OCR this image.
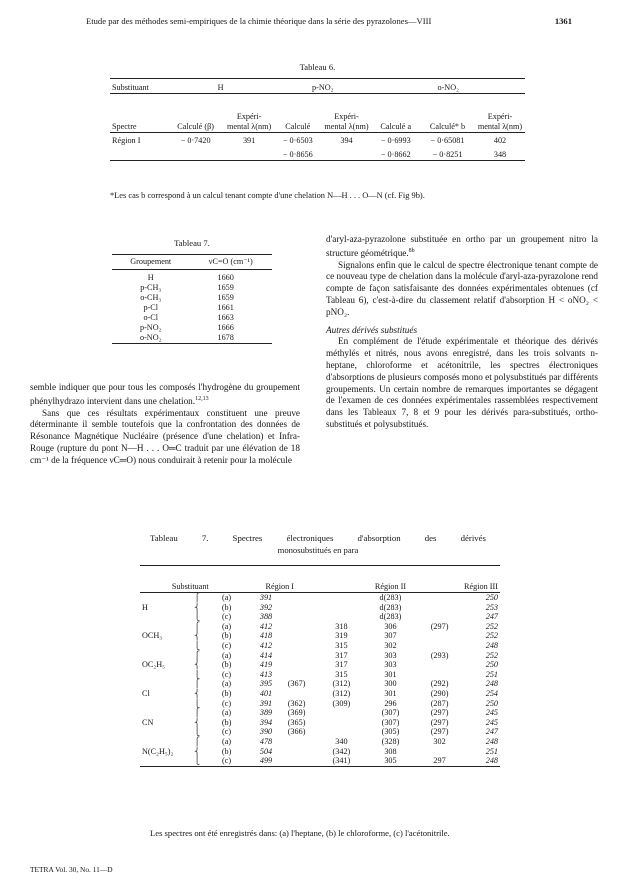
Etude par des méthodes semi-empiriques de la chimie théorique dans la série des pyrazolones—VIII	1361
Tableau 6.
Substituant	H		p-NO₂		o-NO₂		
Spectre	Calculé (β)	Expéri- mental λ(nm)	Calculé	Expéri- mental λ(nm)	Calculé a	Calculé* b	Expéri- mental λ(nm)
Région I	− 0·7420	391	− 0·6503	394	− 0·6993	− 0·65081	402
			− 0·8656		− 0·8662	− 0·8251	348
*Les cas b correspond à un calcul tenant compte d'une chelation N—H . . . O—N (cf. Fig 9b).
Tableau 7.
Groupement	νC=O (cm⁻¹)
H	1660
p-CH₃	1659
o-CH₃	1659
p-Cl	1661
o-Cl	1663
p-NO₂	1666
o-NO₂	1678

semble indiquer que pour tous les composés l'hydrogène du groupement phénylhydrazo intervient dans une chelation.$^{12,13}$

Sans que ces résultats expérimentaux constituent une preuve déterminante il semble toutefois que la confrontation des données de Résonance Magnétique Nucléaire (présence d'une chelation) et Infra-Rouge (rupture du pont N—H . . . O═C traduit par une élévation de 18 cm⁻¹ de la fréquence νC═O) nous conduirait à retenir pour la molécule

d'aryl-aza-pyrazolone substituée en ortho par un groupement nitro la structure géométrique.$^{8b}$

Signalons enfin que le calcul de spectre électronique tenant compte de ce nouveau type de chelation dans la molécule d'aryl-aza-pyrazolone rend compte de façon satisfaisante des données expérimentales obtenues (cf Tableau 6), c'est-à-dire du classement relatif d'absorption H < oNO₂ < pNO₂.

Autres dérivés substitués

En complément de l'étude expérimentale et théorique des dérivés méthylés et nitrés, nous avons enregistré, dans les trois solvants n-heptane, chloroforme et acétonitrile, les spectres électroniques d'absorptions de plusieurs composés mono et polysubstitués par différents groupements. Un certain nombre de remarques importantes se dégagent de l'examen de ces données expérimentales rassemblées respectivement dans les Tableaux 7, 8 et 9 pour les dérivés para-substitués, ortho-substitués et polysubstitués.

Tableau 7. Spectres électroniques d'absorption des dérivés
monosubstitués en para
Substituant			Région I		Région II			Région III
	⎧	(a)	391			d(283)		250
H	⎨	(b)	392			d(283)		253
	⎩	(c)	388			d(283)		247
	⎧	(a)	412		318	306	(297)	252
OCH₃	⎨	(b)	418		319	307		252
	⎩	(c)	412		315	302		248
	⎧	(a)	414		317	303	(293)	252
OC₂H₅	⎨	(b)	419		317	303		250
	⎩	(c)	413		315	301		251
	⎧	(a)	395	(367)	(312)	300	(292)	248
Cl	⎨	(b)	401		(312)	301	(290)	254
	⎩	(c)	391	(362)	(309)	296	(287)	250
	⎧	(a)	389	(369)		(307)	(297)	245
CN	⎨	(b)	394	(365)		(307)	(297)	245
	⎩	(c)	390	(366)		(305)	(297)	247
	⎧	(a)	478		340	(328)	302	248
N(C₂H₅)₂	⎨	(b)	504		(342)	308		251
	⎩	(c)	499		(341)	305	297	248
Les spectres ont été enregistrés dans: (a) l'heptane, (b) le chloroforme, (c) l'acétonitrile.
TETRA Vol. 30, No. 11—D
